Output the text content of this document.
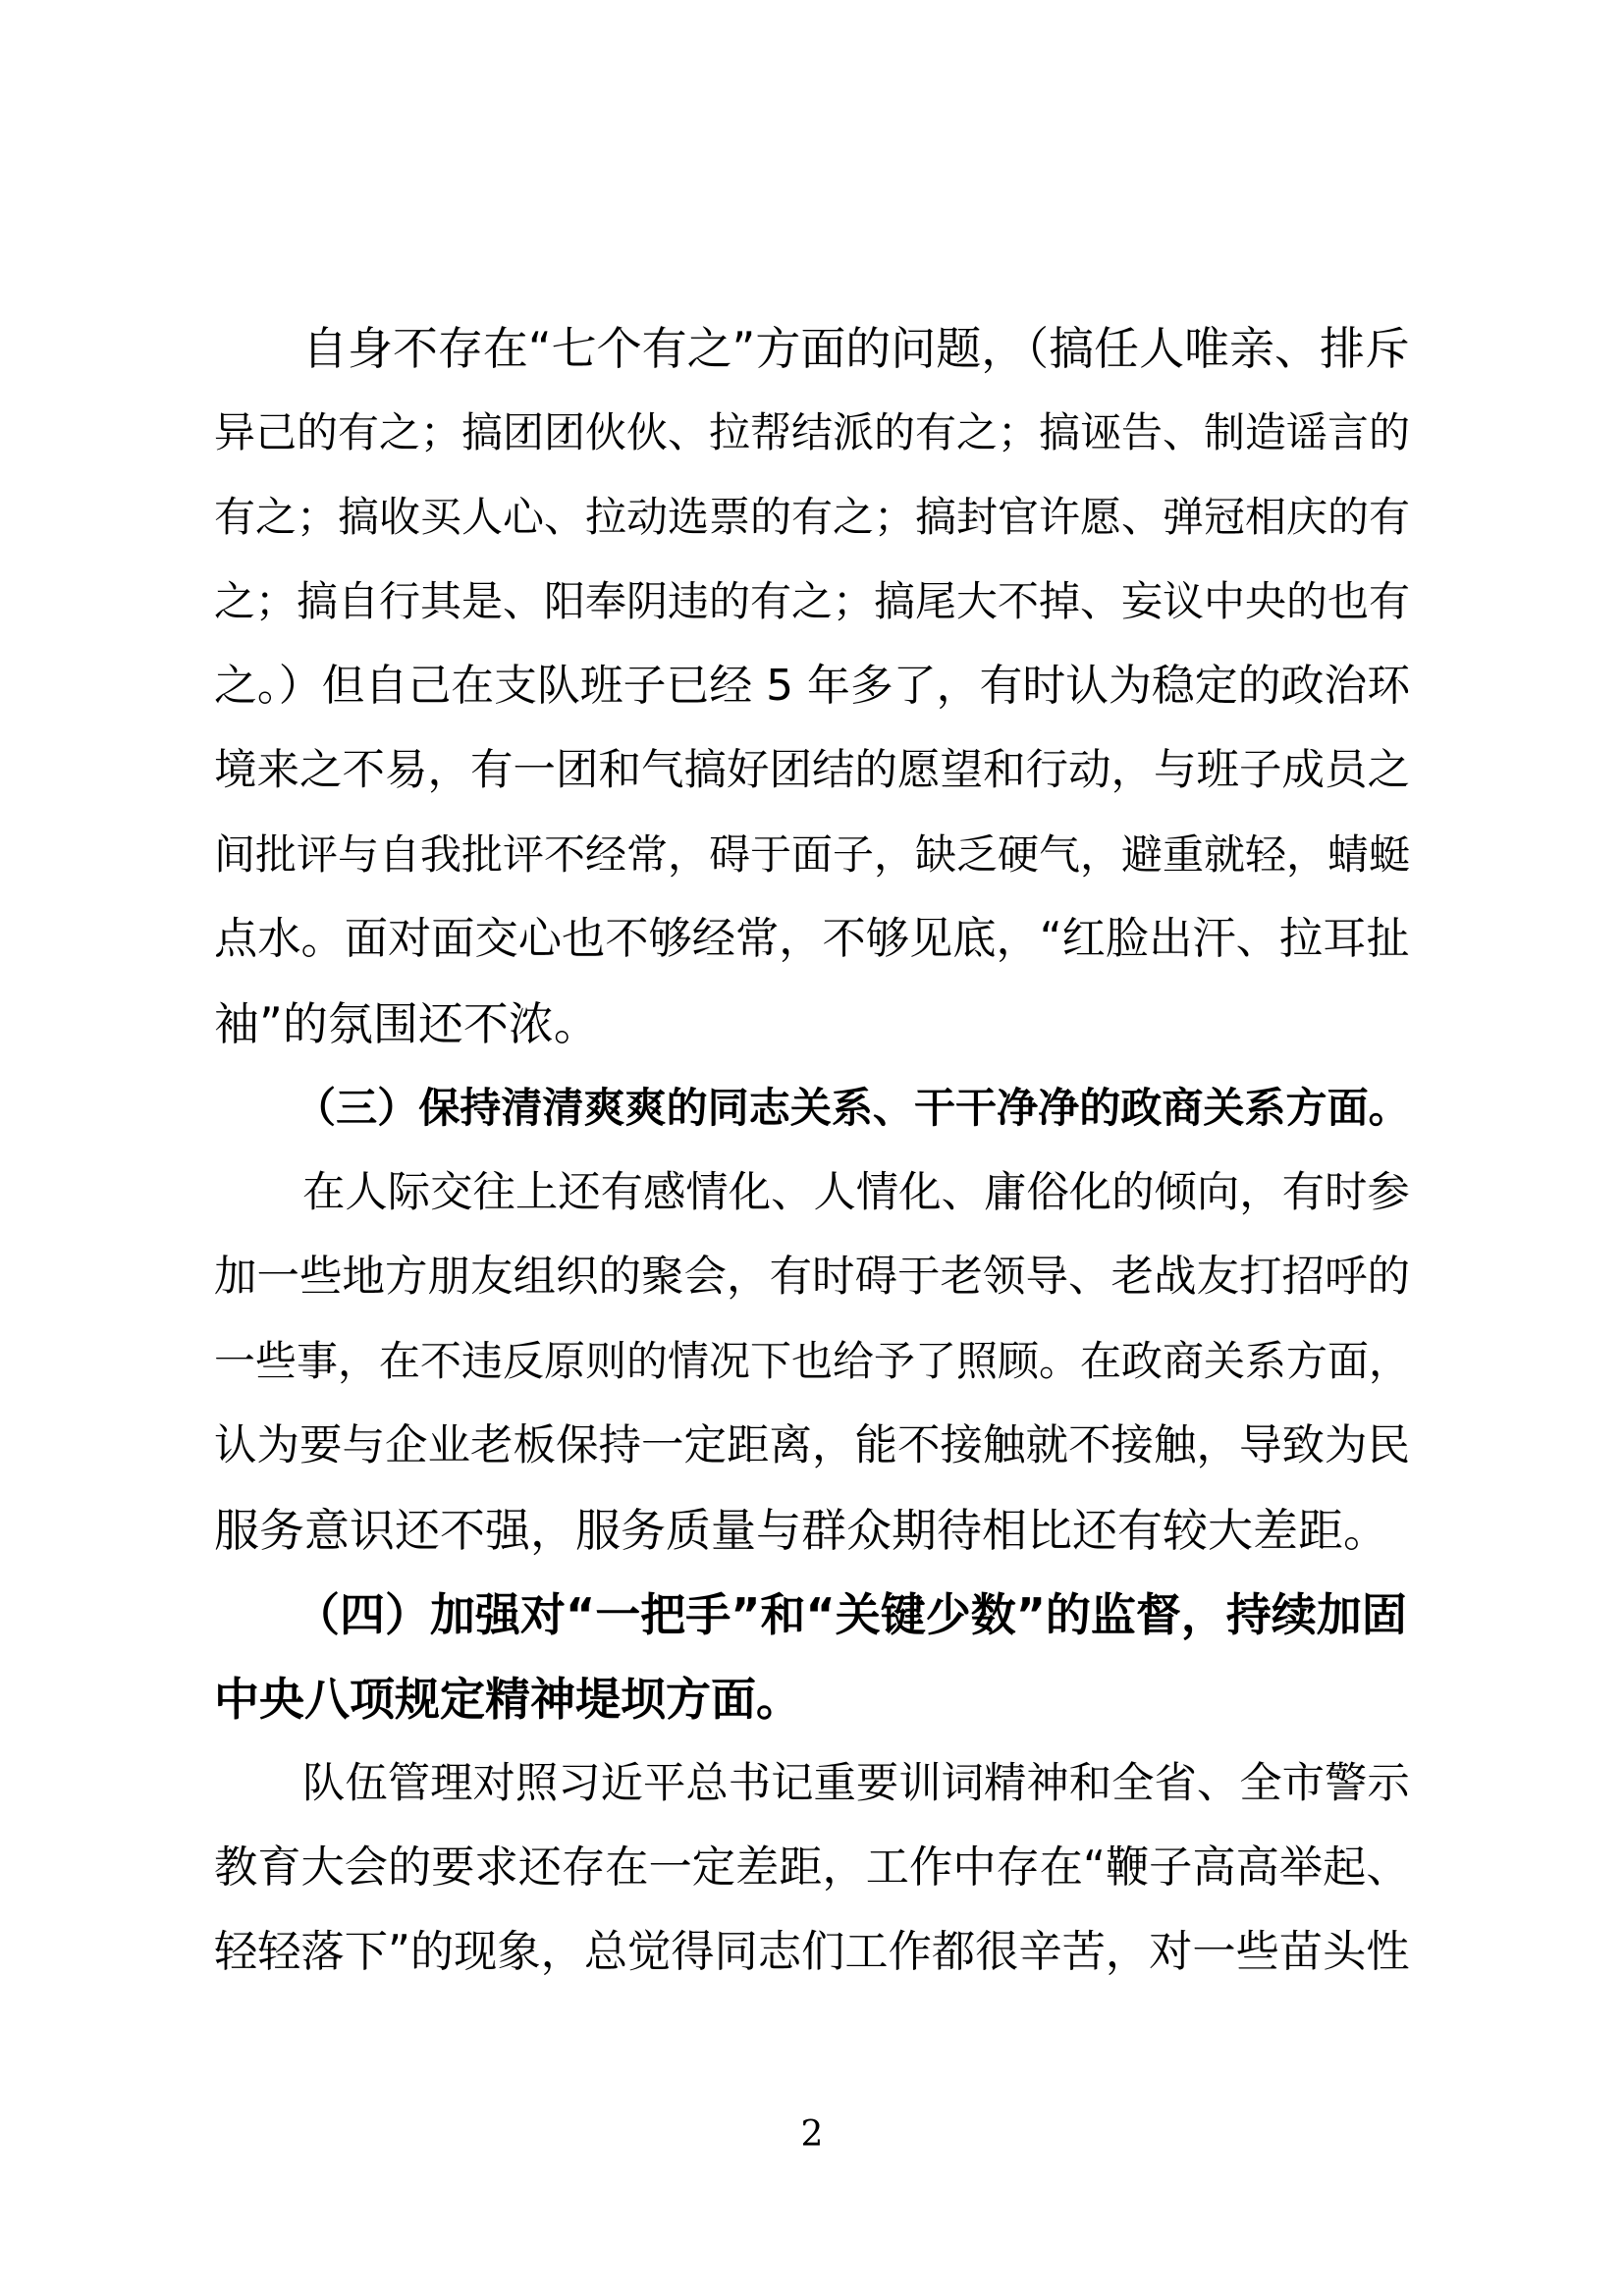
自身不存在“七个有之”方面的问题，（搞任人唯亲、排斥

异己的有之；搞团团伙伙、拉帮结派的有之；搞诬告、制造谣言的

有之；搞收买人心、拉动选票的有之；搞封官许愿、弹冠相庆的有

之；搞自行其是、阳奉阴违的有之；搞尾大不掉、妄议中央的也有

之。）但自己在支队班子已经 5 年多了，有时认为稳定的政治环

境来之不易，有一团和气搞好团结的愿望和行动，与班子成员之

间批评与自我批评不经常，碍于面子，缺乏硬气，避重就轻，蜻蜓

点水。面对面交心也不够经常，不够见底，“红脸出汗、拉耳扯

袖”的氛围还不浓。

（三）保持清清爽爽的同志关系、干干净净的政商关系方面。

在人际交往上还有感情化、人情化、庸俗化的倾向，有时参

加一些地方朋友组织的聚会，有时碍于老领导、老战友打招呼的

一些事，在不违反原则的情况下也给予了照顾。在政商关系方面，

认为要与企业老板保持一定距离，能不接触就不接触，导致为民

服务意识还不强，服务质量与群众期待相比还有较大差距。

（四）加强对“一把手”和“关键少数”的监督，持续加固

中央八项规定精神堤坝方面。

队伍管理对照习近平总书记重要训词精神和全省、全市警示

教育大会的要求还存在一定差距，工作中存在“鞭子高高举起、

轻轻落下”的现象，总觉得同志们工作都很辛苦，对一些苗头性

2
